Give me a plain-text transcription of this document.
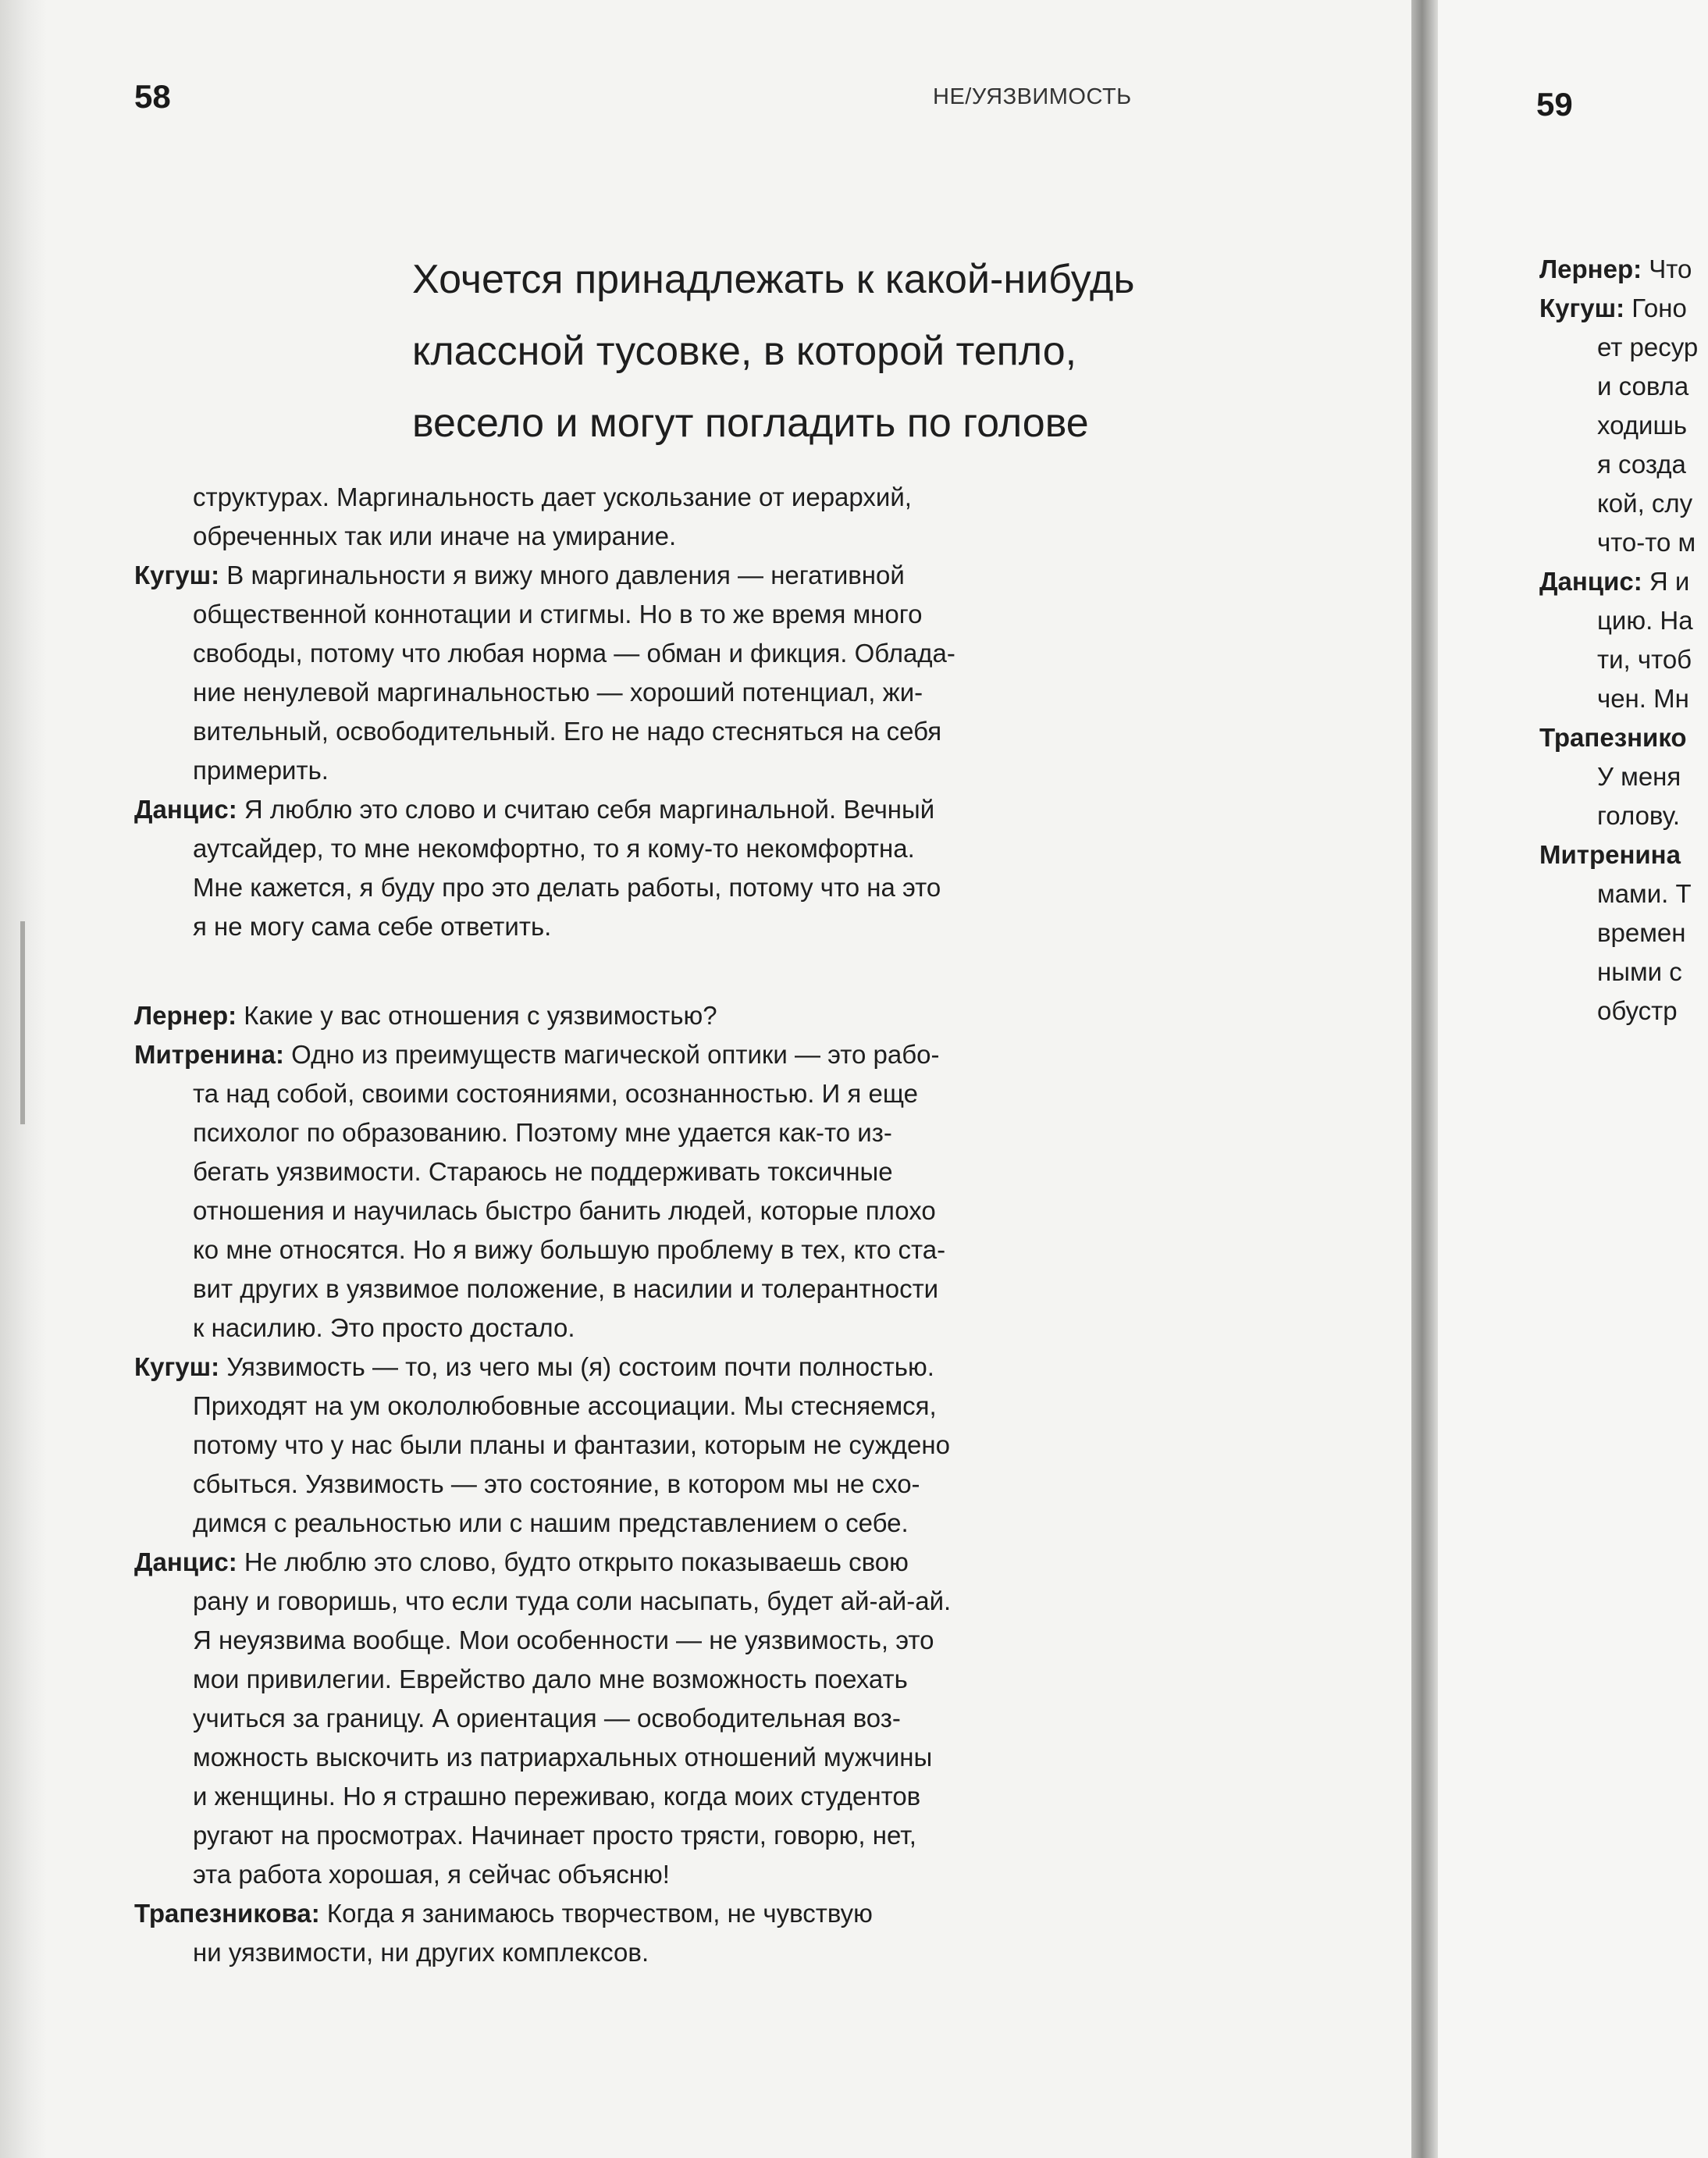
58	НЕ/УЯЗВИМОСТЬ
Хочется принадлежать к какой-нибудь
классной тусовке, в которой тепло,
весело и могут погладить по голове
структурах. Маргинальность дает ускользание от иерархий,
обреченных так или иначе на умирание.
Кугуш: В маргинальности я вижу много давления — негативной
общественной коннотации и стигмы. Но в то же время много
свободы, потому что любая норма — обман и фикция. Облада-
ние ненулевой маргинальностью — хороший потенциал, жи-
вительный, освободительный. Его не надо стесняться на себя
примерить.
Данцис: Я люблю это слово и считаю себя маргинальной. Вечный
аутсайдер, то мне некомфортно, то я кому-то некомфортна.
Мне кажется, я буду про это делать работы, потому что на это
я не могу сама себе ответить.
Лернер: Какие у вас отношения с уязвимостью?
Митренина: Одно из преимуществ магической оптики — это рабо-
та над собой, своими состояниями, осознанностью. И я еще
психолог по образованию. Поэтому мне удается как-то из-
бегать уязвимости. Стараюсь не поддерживать токсичные
отношения и научилась быстро банить людей, которые плохо
ко мне относятся. Но я вижу большую проблему в тех, кто ста-
вит других в уязвимое положение, в насилии и толерантности
к насилию. Это просто достало.
Кугуш: Уязвимость — то, из чего мы (я) состоим почти полностью.
Приходят на ум окололюбовные ассоциации. Мы стесняемся,
потому что у нас были планы и фантазии, которым не суждено
сбыться. Уязвимость — это состояние, в котором мы не схо-
димся с реальностью или с нашим представлением о себе.
Данцис: Не люблю это слово, будто открыто показываешь свою
рану и говоришь, что если туда соли насыпать, будет ай-ай-ай.
Я неуязвима вообще. Мои особенности — не уязвимость, это
мои привилегии. Еврейство дало мне возможность поехать
учиться за границу. А ориентация — освободительная воз-
можность выскочить из патриархальных отношений мужчины
и женщины. Но я страшно переживаю, когда моих студентов
ругают на просмотрах. Начинает просто трясти, говорю, нет,
эта работа хорошая, я сейчас объясню!
Трапезникова: Когда я занимаюсь творчеством, не чувствую
ни уязвимости, ни других комплексов.
59
Лернер: Что
Кугуш: Гоно
ет ресур
и совла
ходишь
я созда
кой, слу
что-то м
Данцис: Я и
цию. На
ти, чтоб
чен. Мн
Трапезнико
У меня
голову.
Митренина
мами. Т
времен
ными с
обустр
